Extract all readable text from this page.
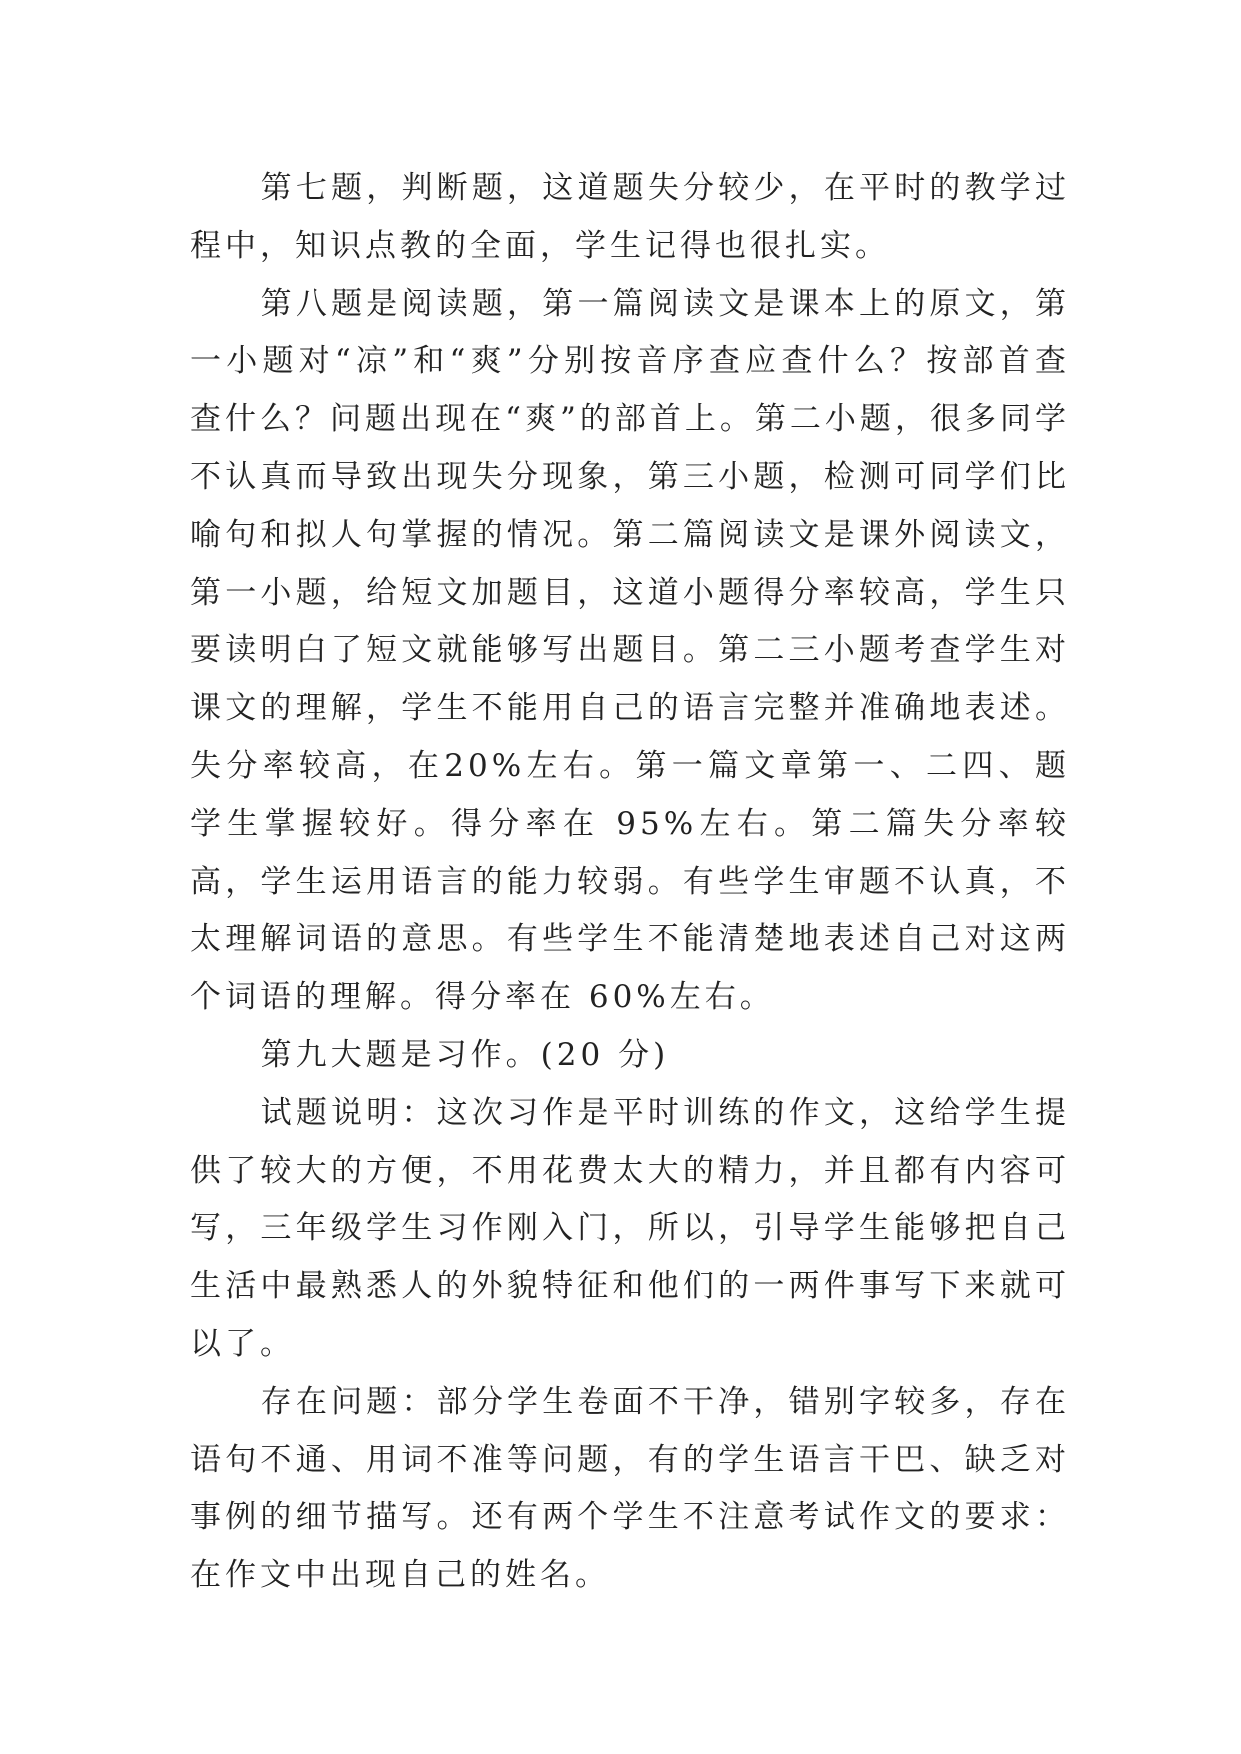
第七题，判断题，这道题失分较少，在平时的教学过程中，知识点教的全面，学生记得也很扎实。

第八题是阅读题，第一篇阅读文是课本上的原文，第一小题对“凉”和“爽”分别按音序查应查什么？按部首查查什么？问题出现在“爽”的部首上。第二小题，很多同学不认真而导致出现失分现象，第三小题，检测可同学们比喻句和拟人句掌握的情况。第二篇阅读文是课外阅读文，第一小题，给短文加题目，这道小题得分率较高，学生只要读明白了短文就能够写出题目。第二三小题考查学生对课文的理解，学生不能用自己的语言完整并准确地表述。失分率较高，在20%左右。第一篇文章第一、二四、题学生掌握较好。得分率在 95%左右。第二篇失分率较高，学生运用语言的能力较弱。有些学生审题不认真，不太理解词语的意思。有些学生不能清楚地表述自己对这两个词语的理解。得分率在 60%左右。

第九大题是习作。(20 分)

试题说明：这次习作是平时训练的作文，这给学生提供了较大的方便，不用花费太大的精力，并且都有内容可写，三年级学生习作刚入门，所以，引导学生能够把自己生活中最熟悉人的外貌特征和他们的一两件事写下来就可以了。

存在问题：部分学生卷面不干净，错别字较多，存在语句不通、用词不准等问题，有的学生语言干巴、缺乏对事例的细节描写。还有两个学生不注意考试作文的要求：在作文中出现自己的姓名。
